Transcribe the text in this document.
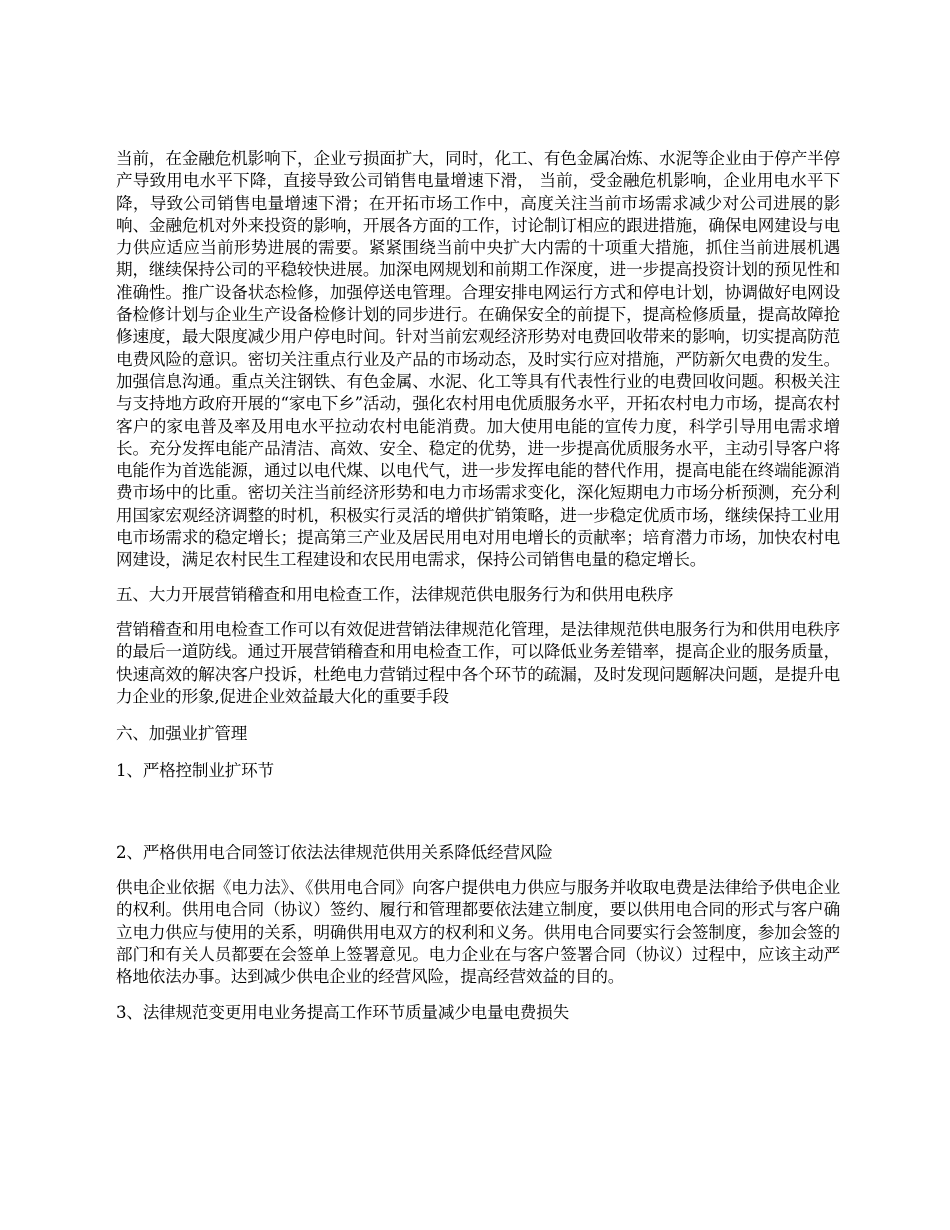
当前，在金融危机影响下，企业亏损面扩大，同时，化工、有色金属冶炼、水泥等企业由于停产半停产导致用电水平下降，直接导致公司销售电量增速下滑， 当前，受金融危机影响，企业用电水平下降，导致公司销售电量增速下滑；在开拓市场工作中，高度关注当前市场需求减少对公司进展的影响、金融危机对外来投资的影响，开展各方面的工作，讨论制订相应的跟进措施，确保电网建设与电力供应适应当前形势进展的需要。紧紧围绕当前中央扩大内需的十项重大措施，抓住当前进展机遇期，继续保持公司的平稳较快进展。加深电网规划和前期工作深度，进一步提高投资计划的预见性和准确性。推广设备状态检修，加强停送电管理。合理安排电网运行方式和停电计划，协调做好电网设备检修计划与企业生产设备检修计划的同步进行。在确保安全的前提下，提高检修质量，提高故障抢修速度，最大限度减少用户停电时间。针对当前宏观经济形势对电费回收带来的影响，切实提高防范电费风险的意识。密切关注重点行业及产品的市场动态，及时实行应对措施，严防新欠电费的发生。加强信息沟通。重点关注钢铁、有色金属、水泥、化工等具有代表性行业的电费回收问题。积极关注与支持地方政府开展的“家电下乡”活动，强化农村用电优质服务水平，开拓农村电力市场，提高农村客户的家电普及率及用电水平拉动农村电能消费。加大使用电能的宣传力度，科学引导用电需求增长。充分发挥电能产品清洁、高效、安全、稳定的优势，进一步提高优质服务水平，主动引导客户将电能作为首选能源，通过以电代煤、以电代气，进一步发挥电能的替代作用，提高电能在终端能源消费市场中的比重。密切关注当前经济形势和电力市场需求变化，深化短期电力市场分析预测，充分利用国家宏观经济调整的时机，积极实行灵活的增供扩销策略，进一步稳定优质市场，继续保持工业用电市场需求的稳定增长；提高第三产业及居民用电对用电增长的贡献率；培育潜力市场，加快农村电网建设，满足农村民生工程建设和农民用电需求，保持公司销售电量的稳定增长。

五、大力开展营销稽查和用电检查工作，法律规范供电服务行为和供用电秩序

营销稽查和用电检查工作可以有效促进营销法律规范化管理，是法律规范供电服务行为和供用电秩序的最后一道防线。通过开展营销稽查和用电检查工作，可以降低业务差错率，提高企业的服务质量，快速高效的解决客户投诉，杜绝电力营销过程中各个环节的疏漏，及时发现问题解决问题，是提升电力企业的形象,促进企业效益最大化的重要手段

六、加强业扩管理

1、严格控制业扩环节

2、严格供用电合同签订依法法律规范供用关系降低经营风险

供电企业依据《电力法》、《供用电合同》向客户提供电力供应与服务并收取电费是法律给予供电企业的权利。供用电合同（协议）签约、履行和管理都要依法建立制度，要以供用电合同的形式与客户确立电力供应与使用的关系，明确供用电双方的权利和义务。供用电合同要实行会签制度，参加会签的部门和有关人员都要在会签单上签署意见。电力企业在与客户签署合同（协议）过程中，应该主动严格地依法办事。达到减少供电企业的经营风险，提高经营效益的目的。

3、法律规范变更用电业务提高工作环节质量减少电量电费损失
